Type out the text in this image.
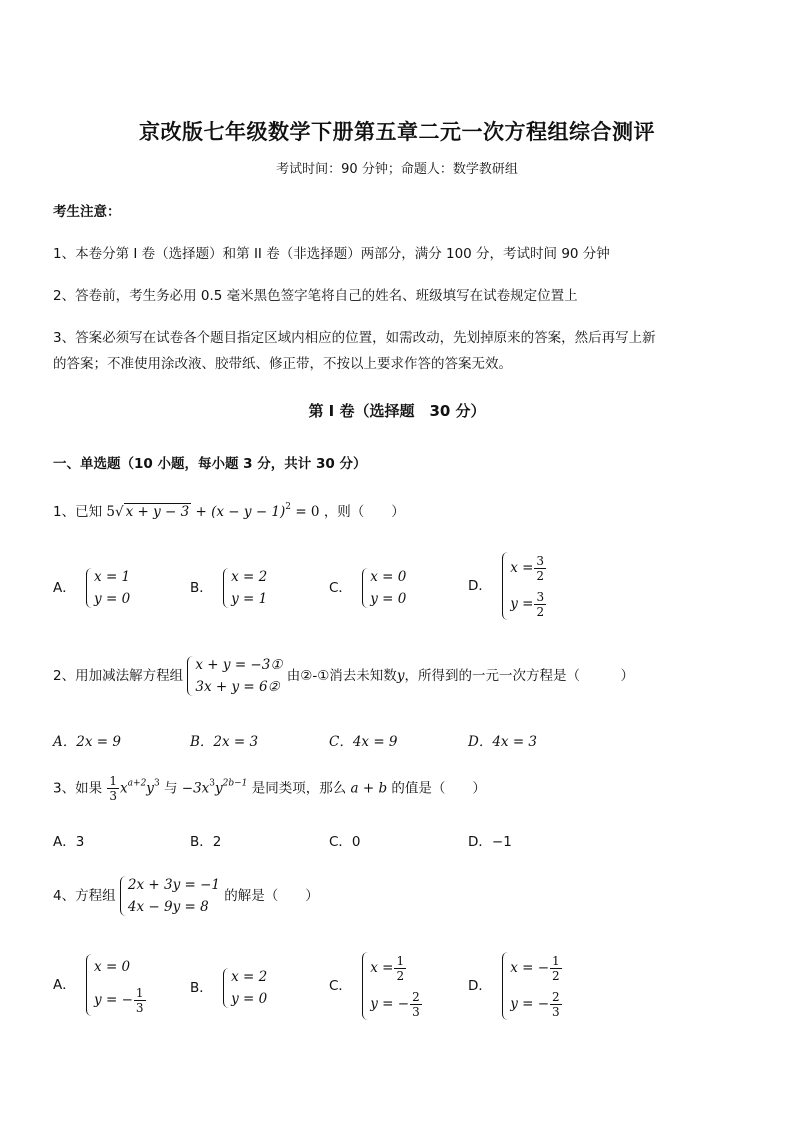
京改版七年级数学下册第五章二元一次方程组综合测评
考试时间：90 分钟；命题人：数学教研组
考生注意：
1、本卷分第 I 卷（选择题）和第 II 卷（非选择题）两部分，满分 100 分，考试时间 90 分钟
2、答卷前，考生务必用 0.5 毫米黑色签字笔将自己的姓名、班级填写在试卷规定位置上
3、答案必须写在试卷各个题目指定区域内相应的位置，如需改动，先划掉原来的答案，然后再写上新
的答案；不准使用涂改液、胶带纸、修正带，不按以上要求作答的答案无效。
第 I 卷（选择题　30 分）
一、单选题（10 小题，每小题 3 分，共计 30 分）
1、已知 5√ $x + y - 3 + (x - y - 1)^2 = 0$ ，则（　　）
A．
x = 1
y = 0
B．
x = 2
y = 1
C．
x = 0
y = 0
D．
$x = \frac{3}{2}$
$y = \frac{3}{2}$
2、用加减法解方程组
x + y = −3①
3x + y = 6②
由②-①消去未知数y，所得到的一元一次方程是（　　　）
A．2x = 9	B．2x = 3	C．4x = 9	D．4x = 3
3、如果 $\frac{1}{3} x^{a+2}y^3$ 与 $-3x^3y^{2b-1}$ 是同类项，那么 a + b 的值是（　　）
A．3	B．2	C．0	D．−1
4、方程组
2x + 3y = −1
4x − 9y = 8
的解是（　　）
A．
x = 0
y = − $\frac{1}{3}$	B．
x = 2
y = 0
C．
$x = \frac{1}{2}$
y = − $\frac{2}{3}$
D．
x = − $\frac{1}{2}$
y = − $\frac{2}{3}$
